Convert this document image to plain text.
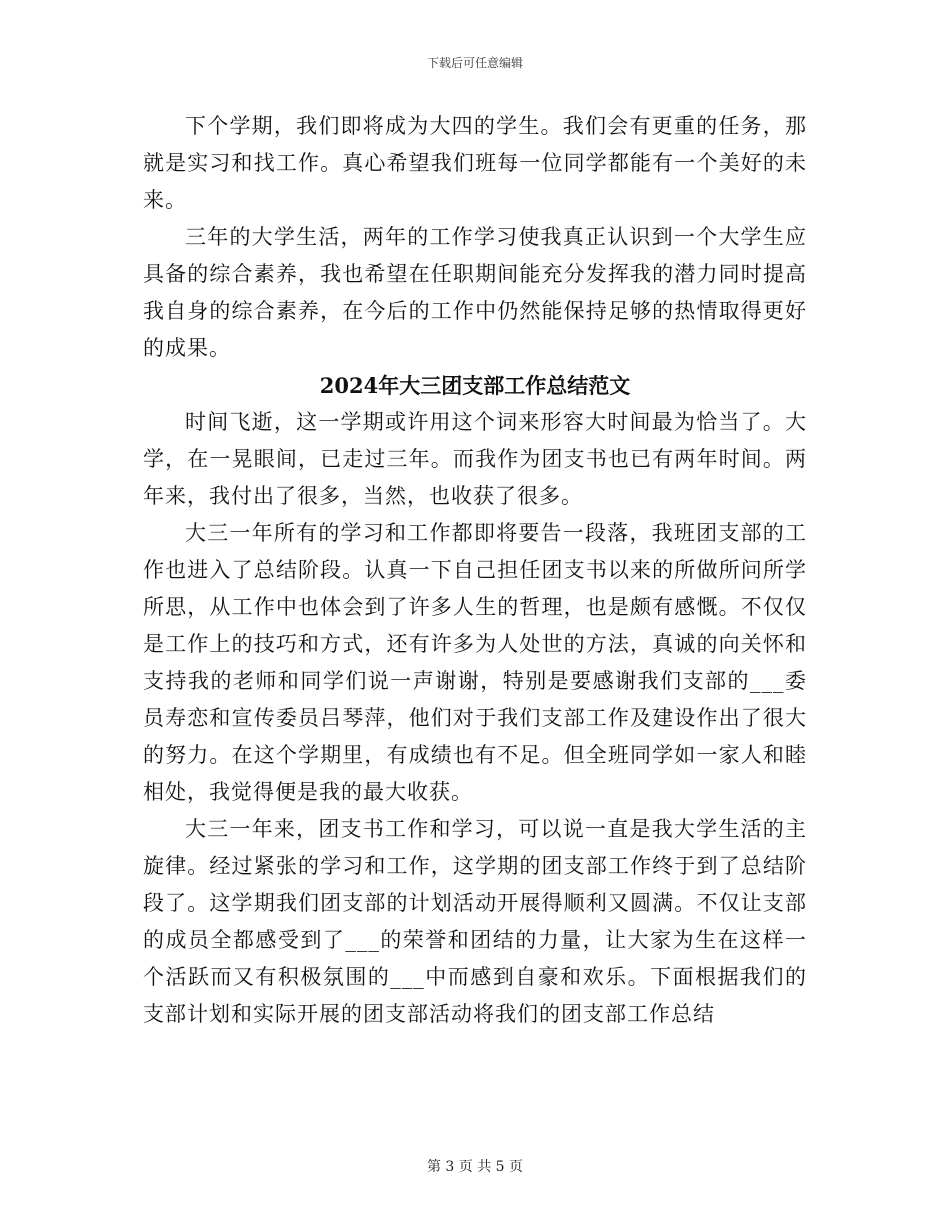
下载后可任意编辑

下个学期，我们即将成为大四的学生。我们会有更重的任务，那就是实习和找工作。真心希望我们班每一位同学都能有一个美好的未来。

三年的大学生活，两年的工作学习使我真正认识到一个大学生应具备的综合素养，我也希望在任职期间能充分发挥我的潜力同时提高我自身的综合素养，在今后的工作中仍然能保持足够的热情取得更好的成果。

2024年大三团支部工作总结范文

时间飞逝，这一学期或许用这个词来形容大时间最为恰当了。大学，在一晃眼间，已走过三年。而我作为团支书也已有两年时间。两年来，我付出了很多，当然，也收获了很多。

大三一年所有的学习和工作都即将要告一段落，我班团支部的工作也进入了总结阶段。认真一下自己担任团支书以来的所做所问所学所思，从工作中也体会到了许多人生的哲理，也是颇有感慨。不仅仅是工作上的技巧和方式，还有许多为人处世的方法，真诚的向关怀和支持我的老师和同学们说一声谢谢，特别是要感谢我们支部的___委员寿恋和宣传委员吕琴萍，他们对于我们支部工作及建设作出了很大的努力。在这个学期里，有成绩也有不足。但全班同学如一家人和睦相处，我觉得便是我的最大收获。

大三一年来，团支书工作和学习，可以说一直是我大学生活的主旋律。经过紧张的学习和工作，这学期的团支部工作终于到了总结阶段了。这学期我们团支部的计划活动开展得顺利又圆满。不仅让支部的成员全都感受到了___的荣誉和团结的力量，让大家为生在这样一个活跃而又有积极氛围的___中而感到自豪和欢乐。下面根据我们的支部计划和实际开展的团支部活动将我们的团支部工作总结

第 3 页 共 5 页
